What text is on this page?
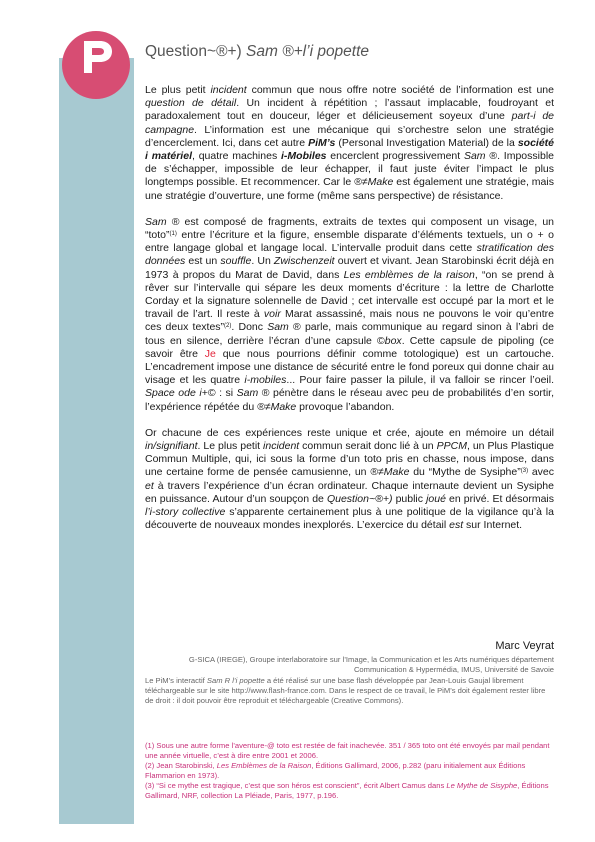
Question~®+) Sam ®+l’i popette

Le plus petit incident commun que nous offre notre société de l’information est une question de détail. Un incident à répétition ; l’assaut implacable, foudroyant et paradoxalement tout en douceur, léger et délicieusement soyeux d’une part-i de campagne. L’information est une mécanique qui s’orchestre selon une stratégie d’encerclement. Ici, dans cet autre PiM’s (Personal Investigation Material) de la société i matériel, quatre machines i-Mobiles encerclent progressivement Sam ®. Impossible de s’échapper, impossible de leur échapper, il faut juste éviter l’impact le plus longtemps possible. Et recommencer. Car le ®≠Make est également une stratégie, mais une stratégie d’ouverture, une forme (même sans perspective) de résistance.

Sam ® est composé de fragments, extraits de textes qui composent un visage, un “toto”$^{(1)}$ entre l’écriture et la figure, ensemble disparate d’éléments textuels, un o + o entre langage global et langage local. L’intervalle produit dans cette stratification des données est un souffle. Un Zwischenzeit ouvert et vivant. Jean Starobinski écrit déjà en 1973 à propos du Marat de David, dans Les emblèmes de la raison, “on se prend à rêver sur l’intervalle qui sépare les deux moments d’écriture : la lettre de Charlotte Corday et la signature solennelle de David ; cet intervalle est occupé par la mort et le travail de l’art. Il reste à voir Marat assassiné, mais nous ne pouvons le voir qu’entre ces deux textes”$^{(2)}$. Donc Sam ® parle, mais communique au regard sinon à l’abri de tous en silence, derrière l’écran d’une capsule ©box. Cette capsule de pipoling (ce savoir être Je que nous pourrions définir comme totologique) est un cartouche. L’encadrement impose une distance de sécurité entre le fond poreux qui donne chair au visage et les quatre i-mobiles... Pour faire passer la pilule, il va falloir se rincer l’oeil. Space ode i+© : si Sam ® pénètre dans le réseau avec peu de probabilités d’en sortir, l’expérience répétée du ®≠Make provoque l’abandon.

Or chacune de ces expériences reste unique et crée, ajoute en mémoire un détail in/signifiant. Le plus petit incident commun serait donc lié à un PPCM, un Plus Plastique Commun Multiple, qui, ici sous la forme d’un toto pris en chasse, nous impose, dans une certaine forme de pensée camusienne, un ®≠Make du “Mythe de Sysiphe”$^{(3)}$ avec et à travers l’expérience d’un écran ordinateur. Chaque internaute devient un Sysiphe en puissance. Autour d’un soupçon de Question~®+) public joué en privé. Et désormais l’i-story collective s’apparente certainement plus à une politique de la vigilance qu’à la découverte de nouveaux mondes inexplorés. L’exercice du détail est sur Internet.

Marc Veyrat
G-SICA (IREGE), Groupe interlaboratoire sur l’Image, la Communication et les Arts numériques département Communication & Hypermédia, IMUS, Université de Savoie
Le PiM’s interactif Sam R l’i popette a été réalisé sur une base flash développée par Jean-Louis Gaujal librement téléchargeable sur le site http://www.flash-france.com. Dans le respect de ce travail, le PiM’s doit également rester libre de droit : il doit pouvoir être reproduit et téléchargeable (Creative Commons).
(1) Sous une autre forme l’aventure-@ toto est restée de fait inachevée. 351 / 365 toto ont été envoyés par mail pendant une année virtuelle, c’est à dire entre 2001 et 2006.
(2) Jean Starobinski, Les Emblèmes de la Raison, Éditions Gallimard, 2006, p.282 (paru initialement aux Éditions Flammarion en 1973).
(3) “Si ce mythe est tragique, c’est que son héros est conscient”, écrit Albert Camus dans Le Mythe de Sisyphe, Éditions Gallimard, NRF, collection La Pléiade, Paris, 1977, p.196.
